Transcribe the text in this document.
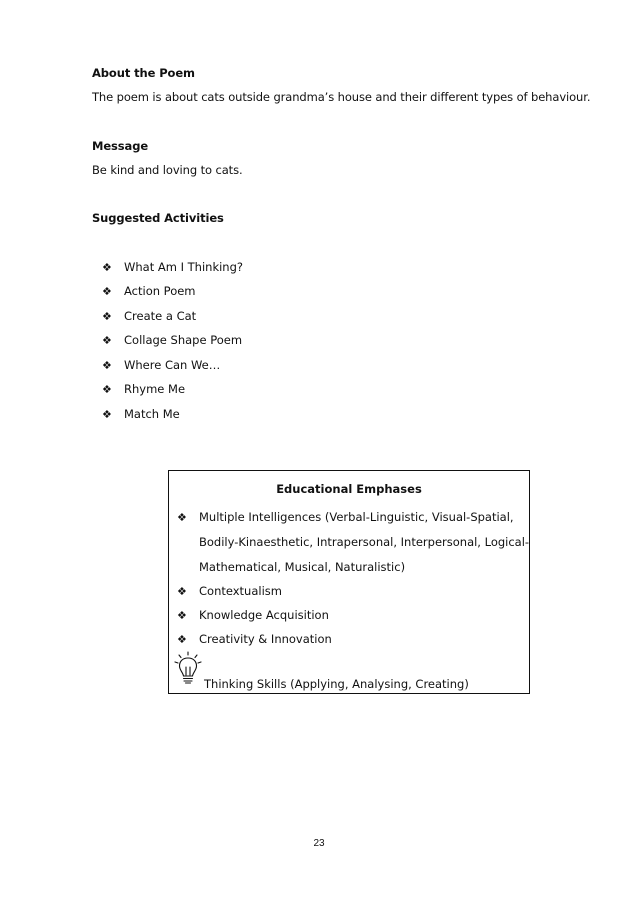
About the Poem
The poem is about cats outside grandma’s house and their different types of behaviour.
Message
Be kind and loving to cats.
Suggested Activities
❖ What Am I Thinking?
❖ Action Poem
❖ Create a Cat
❖ Collage Shape Poem
❖ Where Can We…
❖ Rhyme Me
❖ Match Me
Educational Emphases
❖ Multiple Intelligences (Verbal-Linguistic, Visual-Spatial,
Bodily-Kinaesthetic, Intrapersonal, Interpersonal, Logical-
Mathematical, Musical, Naturalistic)
❖ Contextualism
❖ Knowledge Acquisition
❖ Creativity & Innovation
Thinking Skills (Applying, Analysing, Creating)
23
